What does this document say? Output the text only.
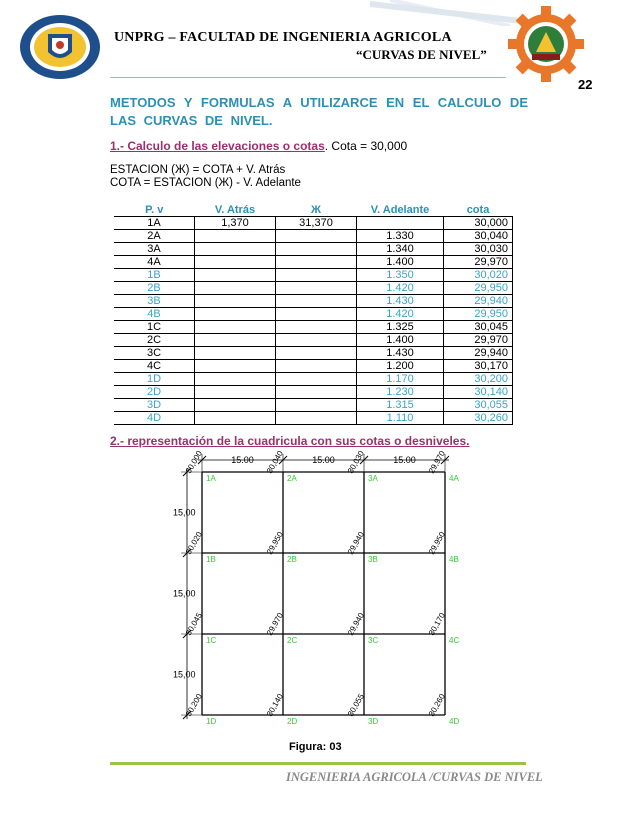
UNPRG – FACULTAD DE INGENIERIA AGRICOLA
“CURVAS DE NIVEL”
22
METODOS Y FORMULAS A UTILIZARCE EN EL CALCULO DE LAS CURVAS DE NIVEL.
1.- Calculo de las elevaciones o cotas. Cota = 30,000
ESTACION (Ж) = COTA + V. Atrás
COTA = ESTACION (Ж) - V. Adelante
P. v	V. Atrás	Ж	V. Adelante	cota
1A	1,370	31,370		30,000
2A			1.330	30,040
3A			1.340	30,030
4A			1.400	29,970
1B			1.350	30,020
2B			1.420	29,950
3B			1.430	29,940
4B			1.420	29,950
1C			1.325	30,045
2C			1.400	29,970
3C			1.430	29,940
4C			1.200	30,170
1D			1.170	30,200
2D			1.230	30,140
3D			1.315	30,055
4D			1.110	30,260
2.- representación de la cuadricula con sus cotas o desniveles.
15.00	15.00	15.00
15,00
15,00
15,00
1A
30,000
2A
30,040
3A
30,030
4A
29,970
1B
30,020
2B
29,950
3B
29,940
4B
29,950
1C
30,045
2C
29,970
3C
29,940
4C
30,170
1D
30,200
2D
30,140
3D
30,055
4D
30,260
Figura: 03
INGENIERIA AGRICOLA /CURVAS DE NIVEL
